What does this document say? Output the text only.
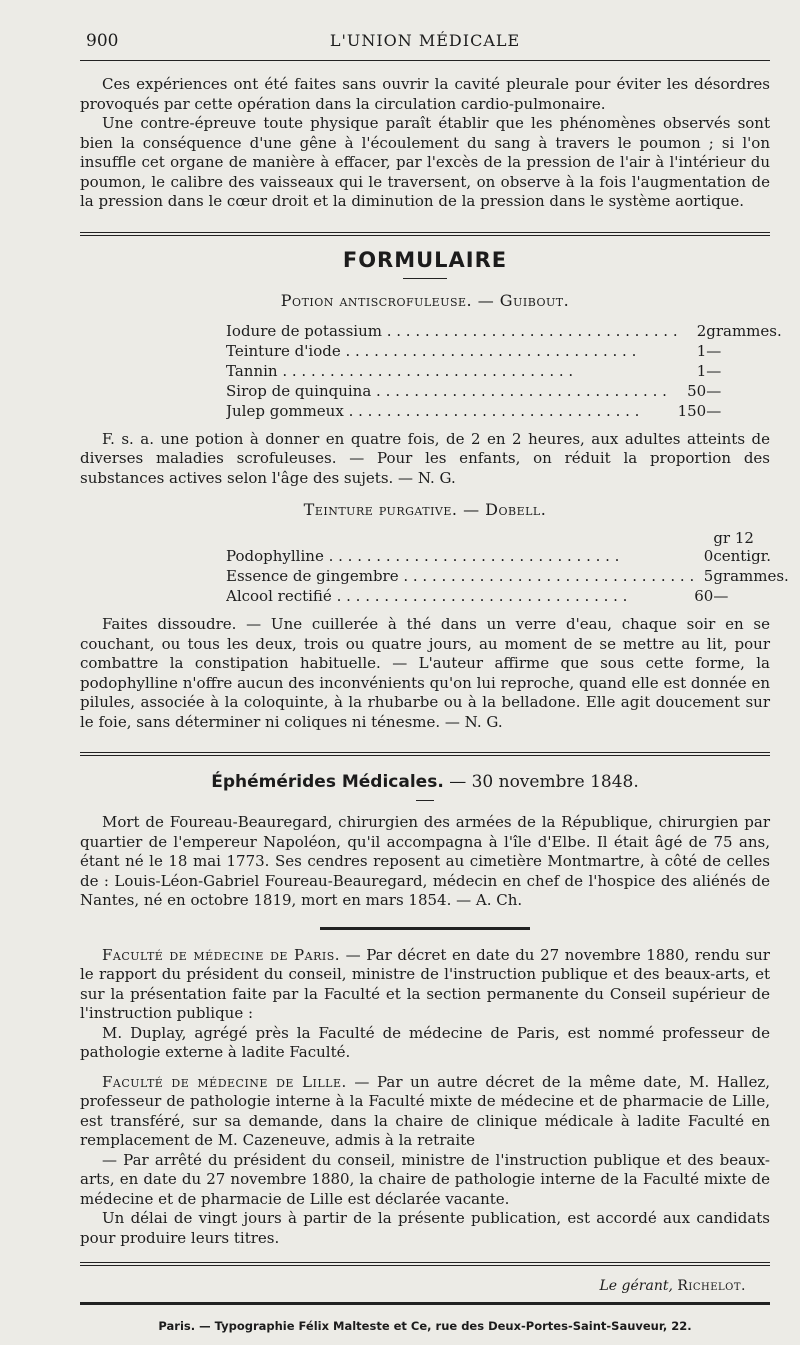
900	L'UNION MÉDICALE

Ces expériences ont été faites sans ouvrir la cavité pleurale pour éviter les désordres provoqués par cette opération dans la circulation cardio-pulmonaire.

Une contre-épreuve toute physique paraît établir que les phénomènes observés sont bien la conséquence d'une gêne à l'écoulement du sang à travers le poumon ; si l'on insuffle cet organe de manière à effacer, par l'excès de la pression de l'air à l'intérieur du poumon, le calibre des vaisseaux qui le traversent, on observe à la fois l'augmentation de la pression dans le cœur droit et la diminution de la pression dans le système aortique.

FORMULAIRE
Potion antiscrofuleuse. — Guibout.
Iodure de potassium . . .	2	grammes.
Teinture d'iode . . .	1	—
Tannin . . .	1	—
Sirop de quinquina . . .	50	—
Julep gommeux . . .	150	—

F. s. a. une potion à donner en quatre fois, de 2 en 2 heures, aux adultes atteints de diverses maladies scrofuleuses. — Pour les enfants, on réduit la proportion des substances actives selon l'âge des sujets. — N. G.

Teinture purgative. — Dobell.
Podophylline . . .	0	gr 12 centigr.
Essence de gingembre . . .	5	grammes.
Alcool rectifié . . .	60	—

Faites dissoudre. — Une cuillerée à thé dans un verre d'eau, chaque soir en se couchant, ou tous les deux, trois ou quatre jours, au moment de se mettre au lit, pour combattre la constipation habituelle. — L'auteur affirme que sous cette forme, la podophylline n'offre aucun des inconvénients qu'on lui reproche, quand elle est donnée en pilules, associée à la coloquinte, à la rhubarbe ou à la belladone. Elle agit doucement sur le foie, sans déterminer ni coliques ni ténesme. — N. G.

Éphémérides Médicales. — 30 novembre 1848.

Mort de Foureau-Beauregard, chirurgien des armées de la République, chirurgien par quartier de l'empereur Napoléon, qu'il accompagna à l'île d'Elbe. Il était âgé de 75 ans, étant né le 18 mai 1773. Ses cendres reposent au cimetière Montmartre, à côté de celles de : Louis-Léon-Gabriel Foureau-Beauregard, médecin en chef de l'hospice des aliénés de Nantes, né en octobre 1819, mort en mars 1854. — A. Ch.

Faculté de médecine de Paris. — Par décret en date du 27 novembre 1880, rendu sur le rapport du président du conseil, ministre de l'instruction publique et des beaux-arts, et sur la présentation faite par la Faculté et la section permanente du Conseil supérieur de l'instruction publique :

M. Duplay, agrégé près la Faculté de médecine de Paris, est nommé professeur de pathologie externe à ladite Faculté.

Faculté de médecine de Lille. — Par un autre décret de la même date, M. Hallez, professeur de pathologie interne à la Faculté mixte de médecine et de pharmacie de Lille, est transféré, sur sa demande, dans la chaire de clinique médicale à ladite Faculté en remplacement de M. Cazeneuve, admis à la retraite

— Par arrêté du président du conseil, ministre de l'instruction publique et des beaux-arts, en date du 27 novembre 1880, la chaire de pathologie interne de la Faculté mixte de médecine et de pharmacie de Lille est déclarée vacante.

Un délai de vingt jours à partir de la présente publication, est accordé aux candidats pour produire leurs titres.

Le gérant, Richelot.
Paris. — Typographie Félix Malteste et Ce, rue des Deux-Portes-Saint-Sauveur, 22.
